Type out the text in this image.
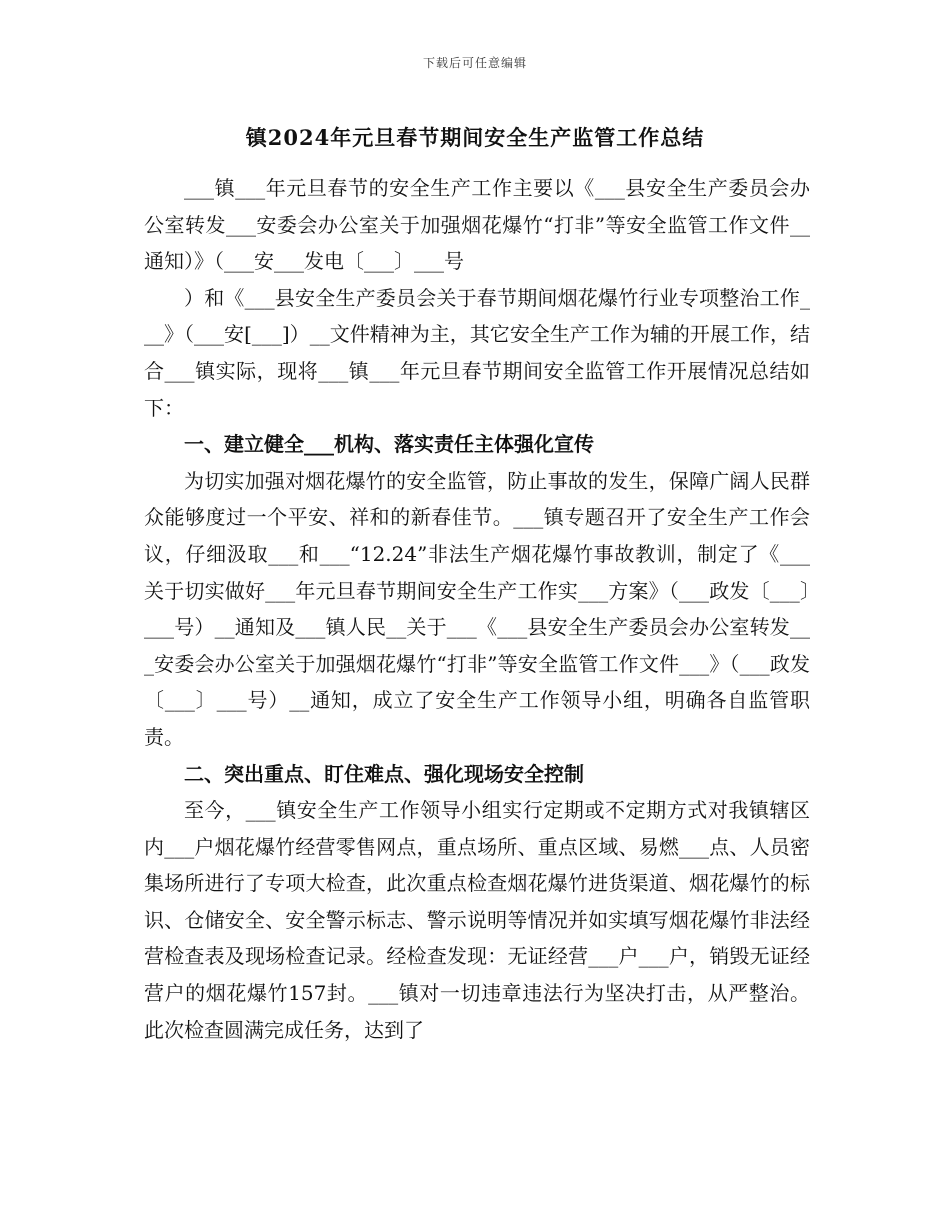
下载后可任意编辑
镇2024年元旦春节期间安全生产监管工作总结

___镇___年元旦春节的安全生产工作主要以《___县安全生产委员会办公室转发___安委会办公室关于加强烟花爆竹“打非”等安全监管工作文件__通知）》（___安___发电〔___〕___号

）和《___县安全生产委员会关于春节期间烟花爆竹行业专项整治工作___》（___安[___]）__文件精神为主，其它安全生产工作为辅的开展工作，结合___镇实际，现将___镇___年元旦春节期间安全监管工作开展情况总结如下：

一、建立健全___机构、落实责任主体强化宣传

为切实加强对烟花爆竹的安全监管，防止事故的发生，保障广阔人民群众能够度过一个平安、祥和的新春佳节。___镇专题召开了安全生产工作会议，仔细汲取___和___“12.24”非法生产烟花爆竹事故教训，制定了《___关于切实做好___年元旦春节期间安全生产工作实___方案》（___政发〔___〕___号）__通知及___镇人民__关于___《___县安全生产委员会办公室转发___安委会办公室关于加强烟花爆竹“打非”等安全监管工作文件___》（___政发〔___〕___号）__通知，成立了安全生产工作领导小组，明确各自监管职责。

二、突出重点、盯住难点、强化现场安全控制

至今，___镇安全生产工作领导小组实行定期或不定期方式对我镇辖区内___户烟花爆竹经营零售网点，重点场所、重点区域、易燃___点、人员密集场所进行了专项大检查，此次重点检查烟花爆竹进货渠道、烟花爆竹的标识、仓储安全、安全警示标志、警示说明等情况并如实填写烟花爆竹非法经营检查表及现场检查记录。经检查发现：无证经营___户___户，销毁无证经营户的烟花爆竹157封。___镇对一切违章违法行为坚决打击，从严整治。此次检查圆满完成任务，达到了
